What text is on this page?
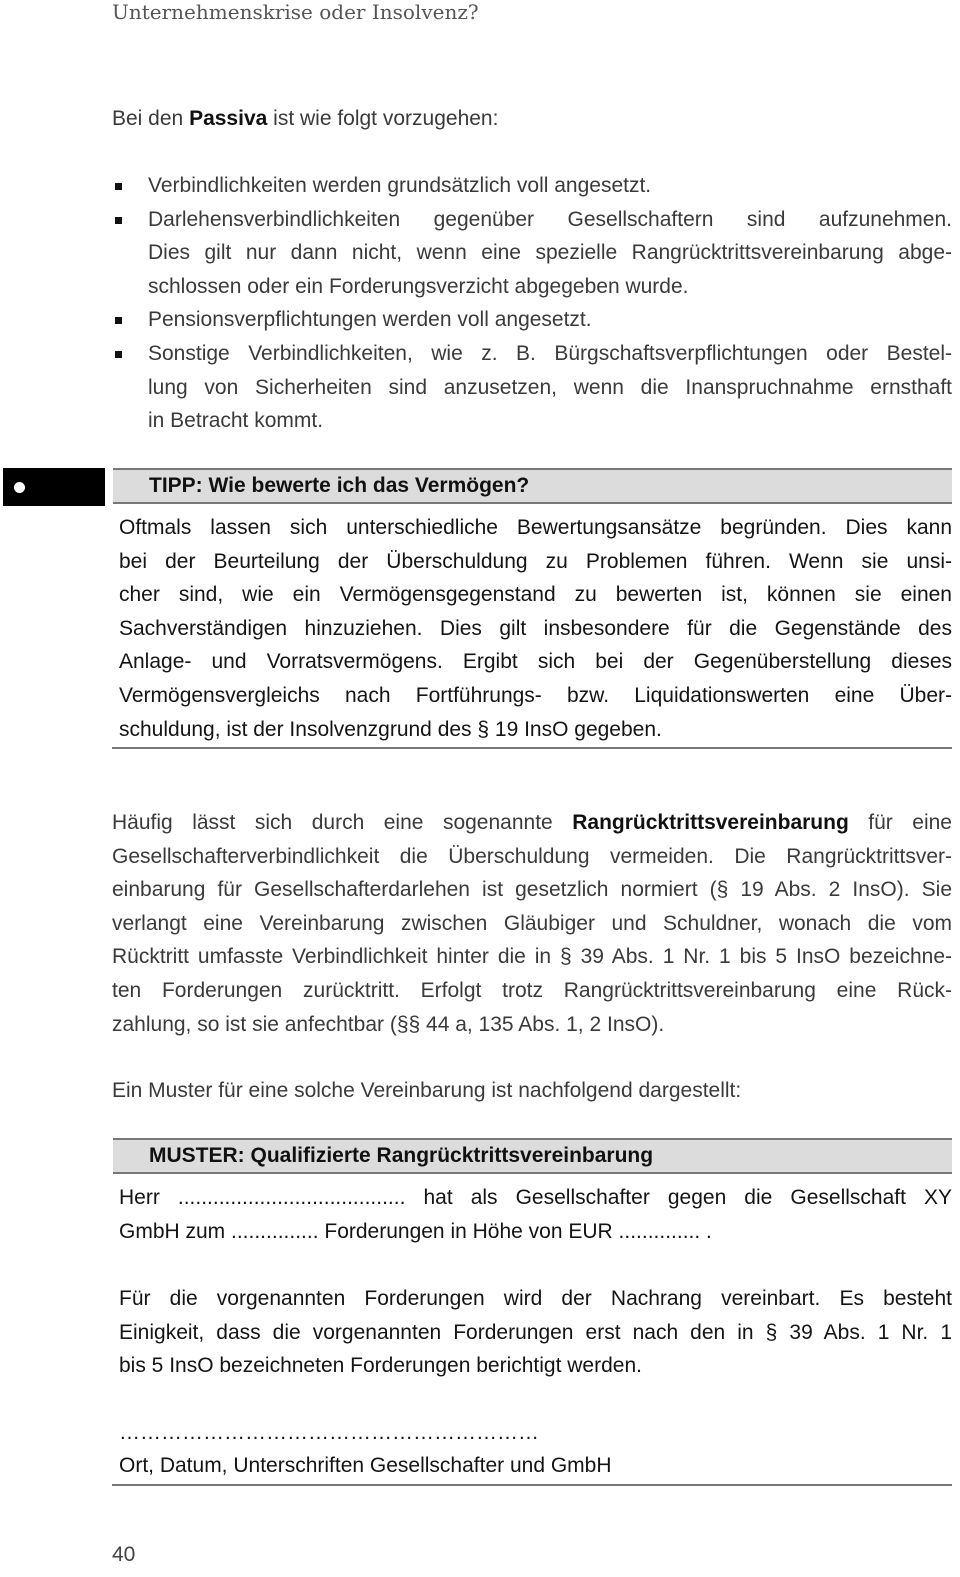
Unternehmenskrise oder Insolvenz?
Bei den Passiva ist wie folgt vorzugehen:
Verbindlichkeiten werden grundsätzlich voll angesetzt.
Darlehensverbindlichkeiten gegenüber Gesellschaftern sind aufzunehmen.
Dies gilt nur dann nicht, wenn eine spezielle Rangrücktrittsvereinbarung abge-
schlossen oder ein Forderungsverzicht abgegeben wurde.
Pensionsverpflichtungen werden voll angesetzt.
Sonstige Verbindlichkeiten, wie z. B. Bürgschaftsverpflichtungen oder Bestel-
lung von Sicherheiten sind anzusetzen, wenn die Inanspruchnahme ernsthaft
in Betracht kommt.
TIPP: Wie bewerte ich das Vermögen?
Oftmals lassen sich unterschiedliche Bewertungsansätze begründen. Dies kann
bei der Beurteilung der Überschuldung zu Problemen führen. Wenn sie unsi-
cher sind, wie ein Vermögensgegenstand zu bewerten ist, können sie einen
Sachverständigen hinzuziehen. Dies gilt insbesondere für die Gegenstände des
Anlage- und Vorratsvermögens. Ergibt sich bei der Gegenüberstellung dieses
Vermögensvergleichs nach Fortführungs- bzw. Liquidationswerten eine Über-
schuldung, ist der Insolvenzgrund des § 19 InsO gegeben.
Häufig lässt sich durch eine sogenannte Rangrücktrittsvereinbarung für eine
Gesellschafterverbindlichkeit die Überschuldung vermeiden. Die Rangrücktrittsver-
einbarung für Gesellschafterdarlehen ist gesetzlich normiert (§ 19 Abs. 2 InsO). Sie
verlangt eine Vereinbarung zwischen Gläubiger und Schuldner, wonach die vom
Rücktritt umfasste Verbindlichkeit hinter die in § 39 Abs. 1 Nr. 1 bis 5 InsO bezeichne-
ten Forderungen zurücktritt. Erfolgt trotz Rangrücktrittsvereinbarung eine Rück-
zahlung, so ist sie anfechtbar (§§ 44 a, 135 Abs. 1, 2 InsO).
Ein Muster für eine solche Vereinbarung ist nachfolgend dargestellt:
MUSTER: Qualifizierte Rangrücktrittsvereinbarung
Herr ....................................... hat als Gesellschafter gegen die Gesellschaft XY
GmbH zum ............... Forderungen in Höhe von EUR .............. .
Für die vorgenannten Forderungen wird der Nachrang vereinbart. Es besteht
Einigkeit, dass die vorgenannten Forderungen erst nach den in § 39 Abs. 1 Nr. 1
bis 5 InsO bezeichneten Forderungen berichtigt werden.
……………………………………………………
Ort, Datum, Unterschriften Gesellschafter und GmbH
40
